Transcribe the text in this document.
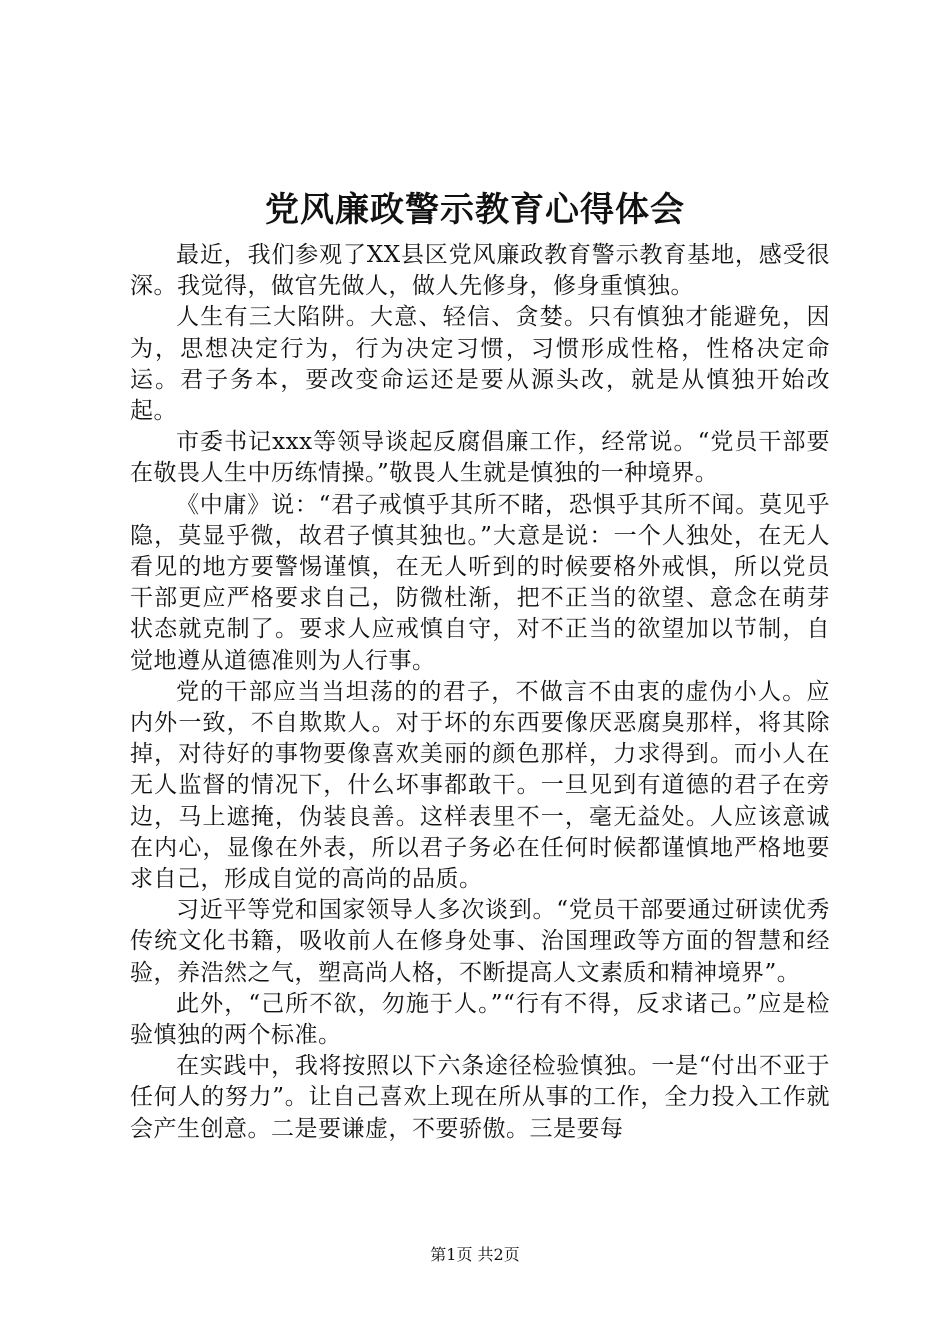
党风廉政警示教育心得体会

最近，我们参观了XX县区党风廉政教育警示教育基地，感受很深。我觉得，做官先做人，做人先修身，修身重慎独。

人生有三大陷阱。大意、轻信、贪婪。只有慎独才能避免，因为，思想决定行为，行为决定习惯，习惯形成性格，性格决定命运。君子务本，要改变命运还是要从源头改，就是从慎独开始改起。

市委书记xxx等领导谈起反腐倡廉工作，经常说。“党员干部要在敬畏人生中历练情操。”敬畏人生就是慎独的一种境界。

《中庸》说：“君子戒慎乎其所不睹，恐惧乎其所不闻。莫见乎隐，莫显乎微，故君子慎其独也。”大意是说：一个人独处，在无人看见的地方要警惕谨慎，在无人听到的时候要格外戒惧，所以党员干部更应严格要求自己，防微杜渐，把不正当的欲望、意念在萌芽状态就克制了。要求人应戒慎自守，对不正当的欲望加以节制，自觉地遵从道德准则为人行事。

党的干部应当当坦荡的的君子，不做言不由衷的虚伪小人。应内外一致，不自欺欺人。对于坏的东西要像厌恶腐臭那样，将其除掉，对待好的事物要像喜欢美丽的颜色那样，力求得到。而小人在无人监督的情况下，什么坏事都敢干。一旦见到有道德的君子在旁边，马上遮掩，伪装良善。这样表里不一，毫无益处。人应该意诚在内心，显像在外表，所以君子务必在任何时候都谨慎地严格地要求自己，形成自觉的高尚的品质。

习近平等党和国家领导人多次谈到。“党员干部要通过研读优秀传统文化书籍，吸收前人在修身处事、治国理政等方面的智慧和经验，养浩然之气，塑高尚人格，不断提高人文素质和精神境界”。

此外，“己所不欲，勿施于人。”“行有不得，反求诸己。”应是检验慎独的两个标准。

在实践中，我将按照以下六条途径检验慎独。一是“付出不亚于任何人的努力”。让自己喜欢上现在所从事的工作，全力投入工作就会产生创意。二是要谦虚，不要骄傲。三是要每

第1页 共2页
